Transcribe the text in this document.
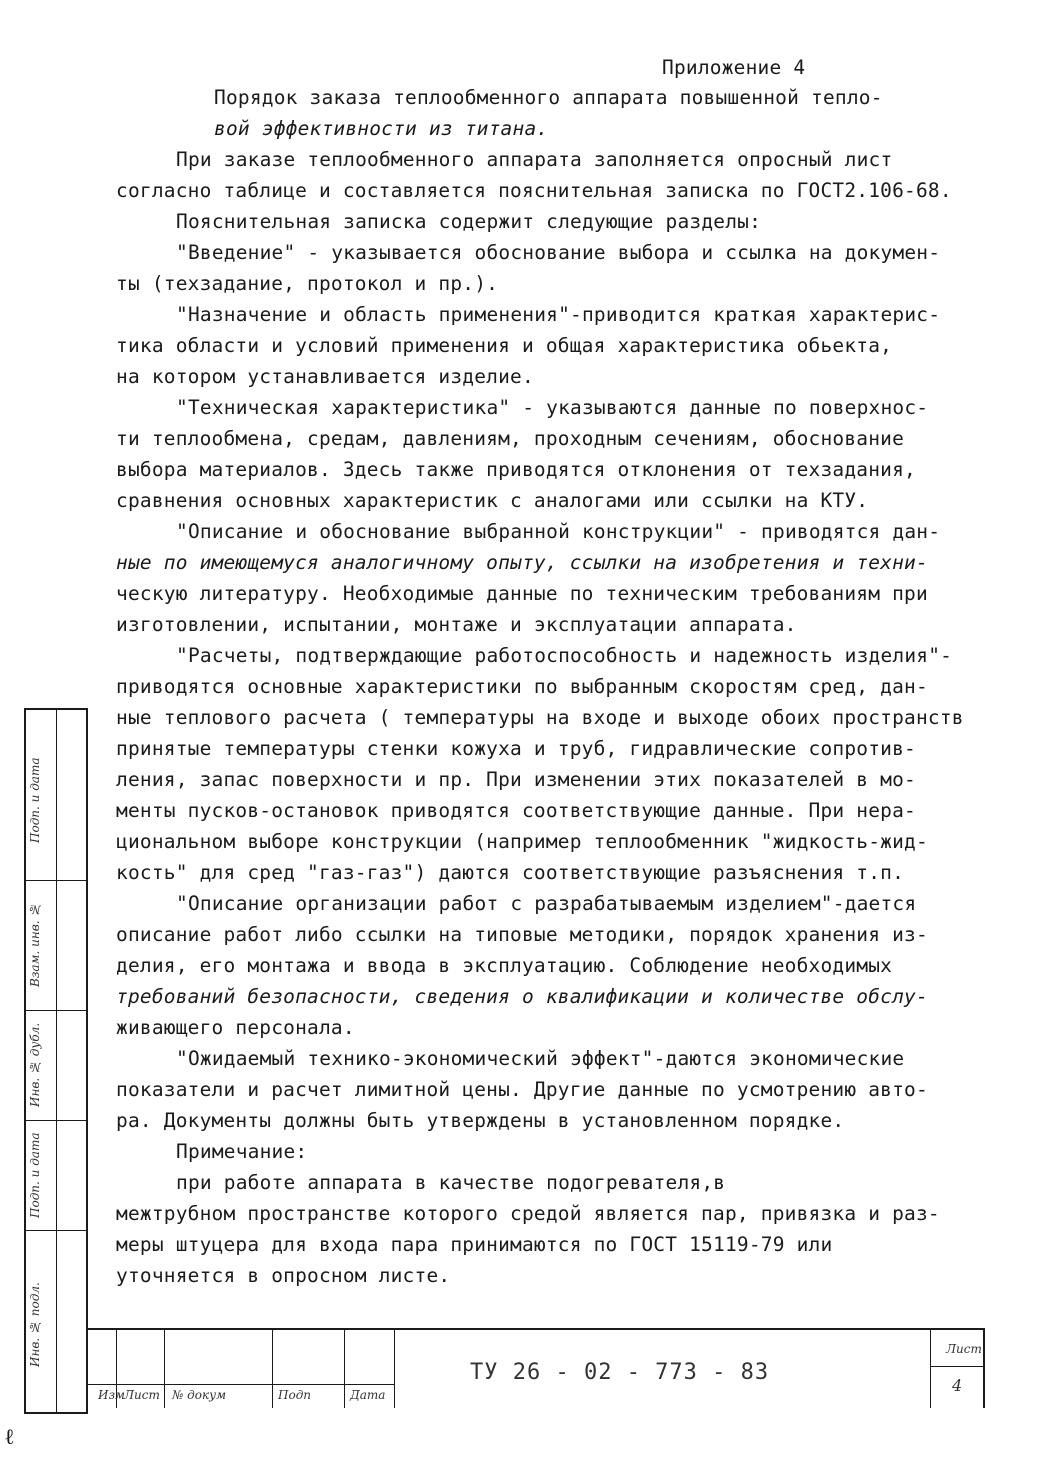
Приложение 4
Порядок заказа теплообменного аппарата повышенной тепло-
вой эффективности из титана.
При заказе теплообменного аппарата заполняется опросный лист
согласно таблице и составляется пояснительная записка по ГОСТ2.106-68.
Пояснительная записка содержит следующие разделы:
"Введение" - указывается обоснование выбора и ссылка на докумен-
ты (техзадание, протокол и пр.).
"Назначение и область применения"-приводится краткая характерис-
тика области и условий применения и общая характеристика обьекта,
на котором устанавливается изделие.
"Техническая характеристика" - указываются данные по поверхнос-
ти теплообмена, средам, давлениям, проходным сечениям, обоснование
выбора материалов. Здесь также приводятся отклонения от техзадания,
сравнения основных характеристик с аналогами или ссылки на КТУ.
"Описание и обоснование выбранной конструкции" - приводятся дан-
ные по имеющемуся аналогичному опыту, ссылки на изобретения и техни-
ческую литературу. Необходимые данные по техническим требованиям при
изготовлении, испытании, монтаже и эксплуатации аппарата.
"Расчеты, подтверждающие работоспособность и надежность изделия"-
приводятся основные характеристики по выбранным скоростям сред, дан-
ные теплового расчета ( температуры на входе и выходе обоих пространств
принятые температуры стенки кожуха и труб, гидравлические сопротив-
ления, запас поверхности и пр. При изменении этих показателей в мо-
менты пусков-остановок приводятся соответствующие данные. При нера-
циональном выборе конструкции (например теплообменник "жидкость-жид-
кость" для сред "газ-газ") даются соответствующие разъяснения т.п.
"Описание организации работ с разрабатываемым изделием"-дается
описание работ либо ссылки на типовые методики, порядок хранения из-
делия, его монтажа и ввода в эксплуатацию. Соблюдение необходимых
требований безопасности, сведения о квалификации и количестве обслу-
живающего персонала.
"Ожидаемый технико-экономический эффект"-даются экономические
показатели и расчет лимитной цены. Другие данные по усмотрению авто-
ра. Документы должны быть утверждены в установленном порядке.
Примечание:
при работе аппарата в качестве подогревателя,в
межтрубном пространстве которого средой является пар, привязка и раз-
меры штуцера для входа пара принимаются по ГОСТ 15119-79 или
уточняется в опросном листе.
Подп. и дата
Взам. инв. №
Инв. № дубл.
Подп. и дата
Инв. № подл.
Изм Лист № докум	Подп	Дата
ТУ 26 - 02 - 773 - 83
Лист
4
ℓ
